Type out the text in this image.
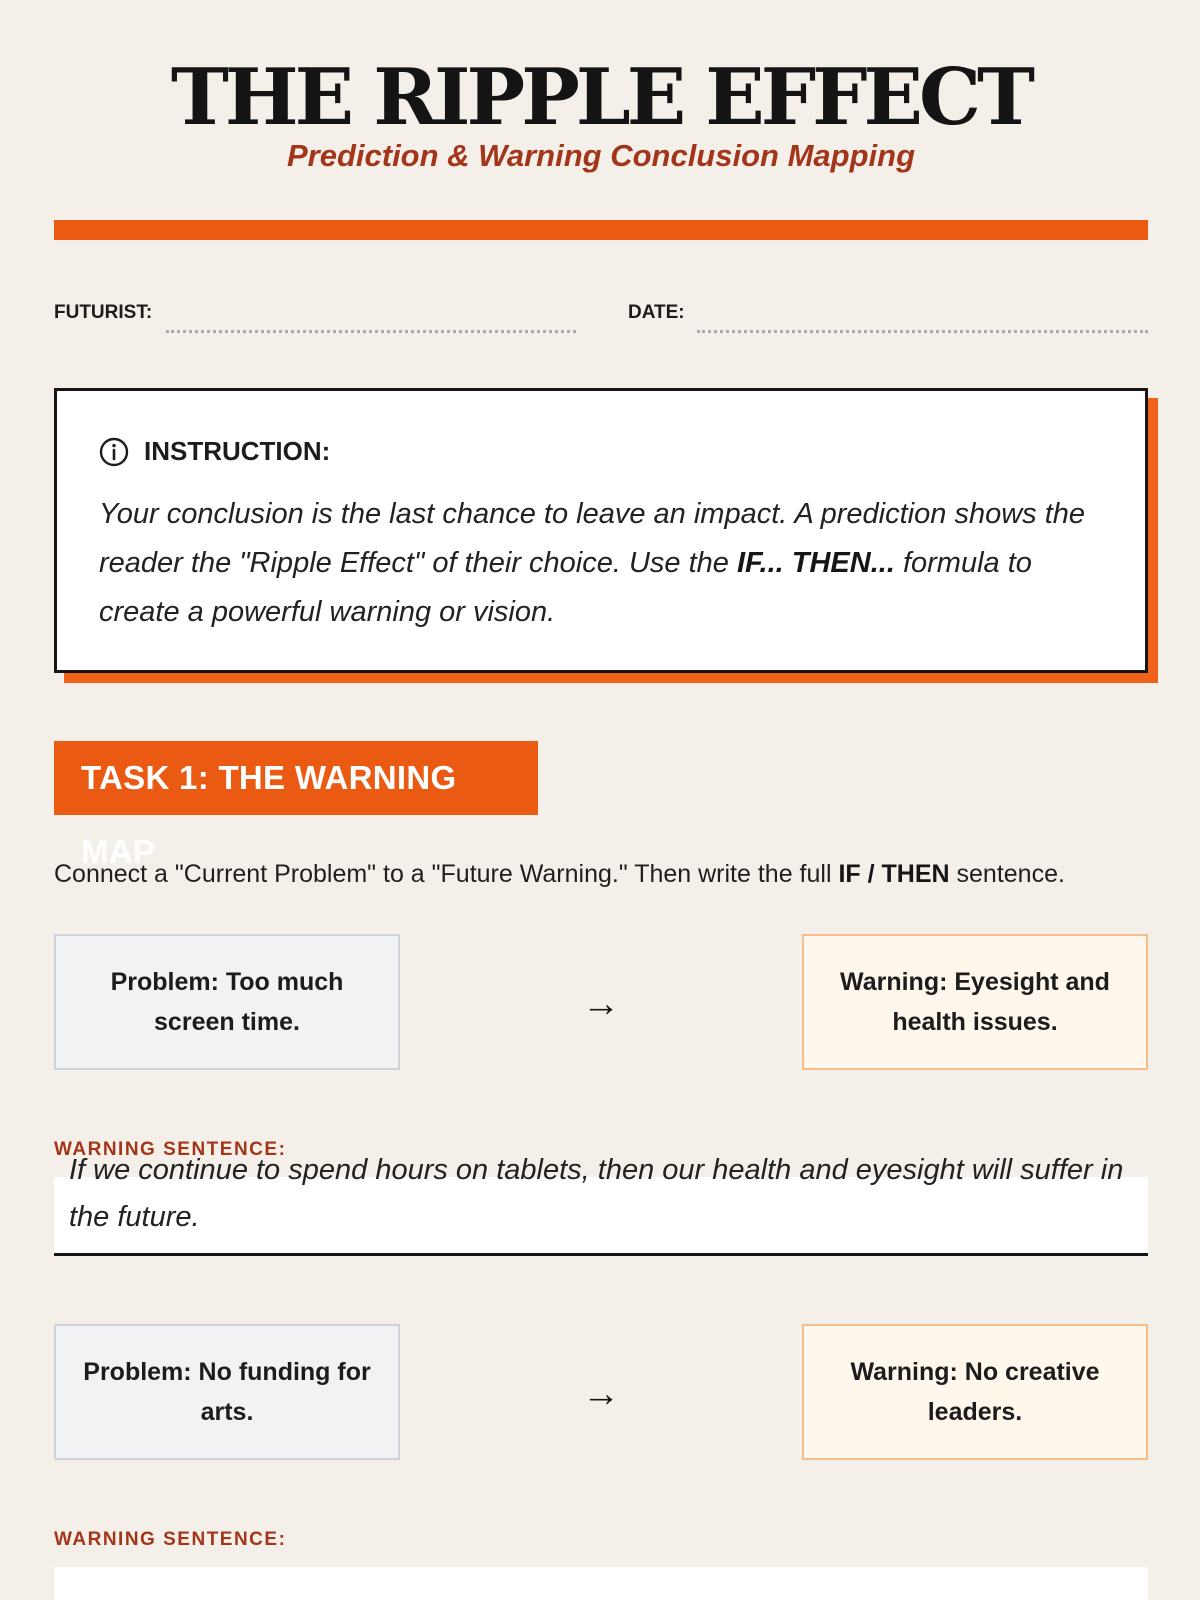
THE RIPPLE EFFECT
Prediction & Warning Conclusion Mapping
FUTURIST:	DATE:
INSTRUCTION:

Your conclusion is the last chance to leave an impact. A prediction shows the reader the "Ripple Effect" of their choice. Use the IF... THEN... formula to create a powerful warning or vision.

TASK 1: THE WARNING MAP

Connect a "Current Problem" to a "Future Warning." Then write the full IF / THEN sentence.

Problem: Too much screen time.	→
Warning: Eyesight and health issues.
WARNING SENTENCE:
If we continue to spend hours on tablets, then our health and eyesight will suffer in the future.
Problem: No funding for arts.	→
Warning: No creative leaders.
WARNING SENTENCE:
